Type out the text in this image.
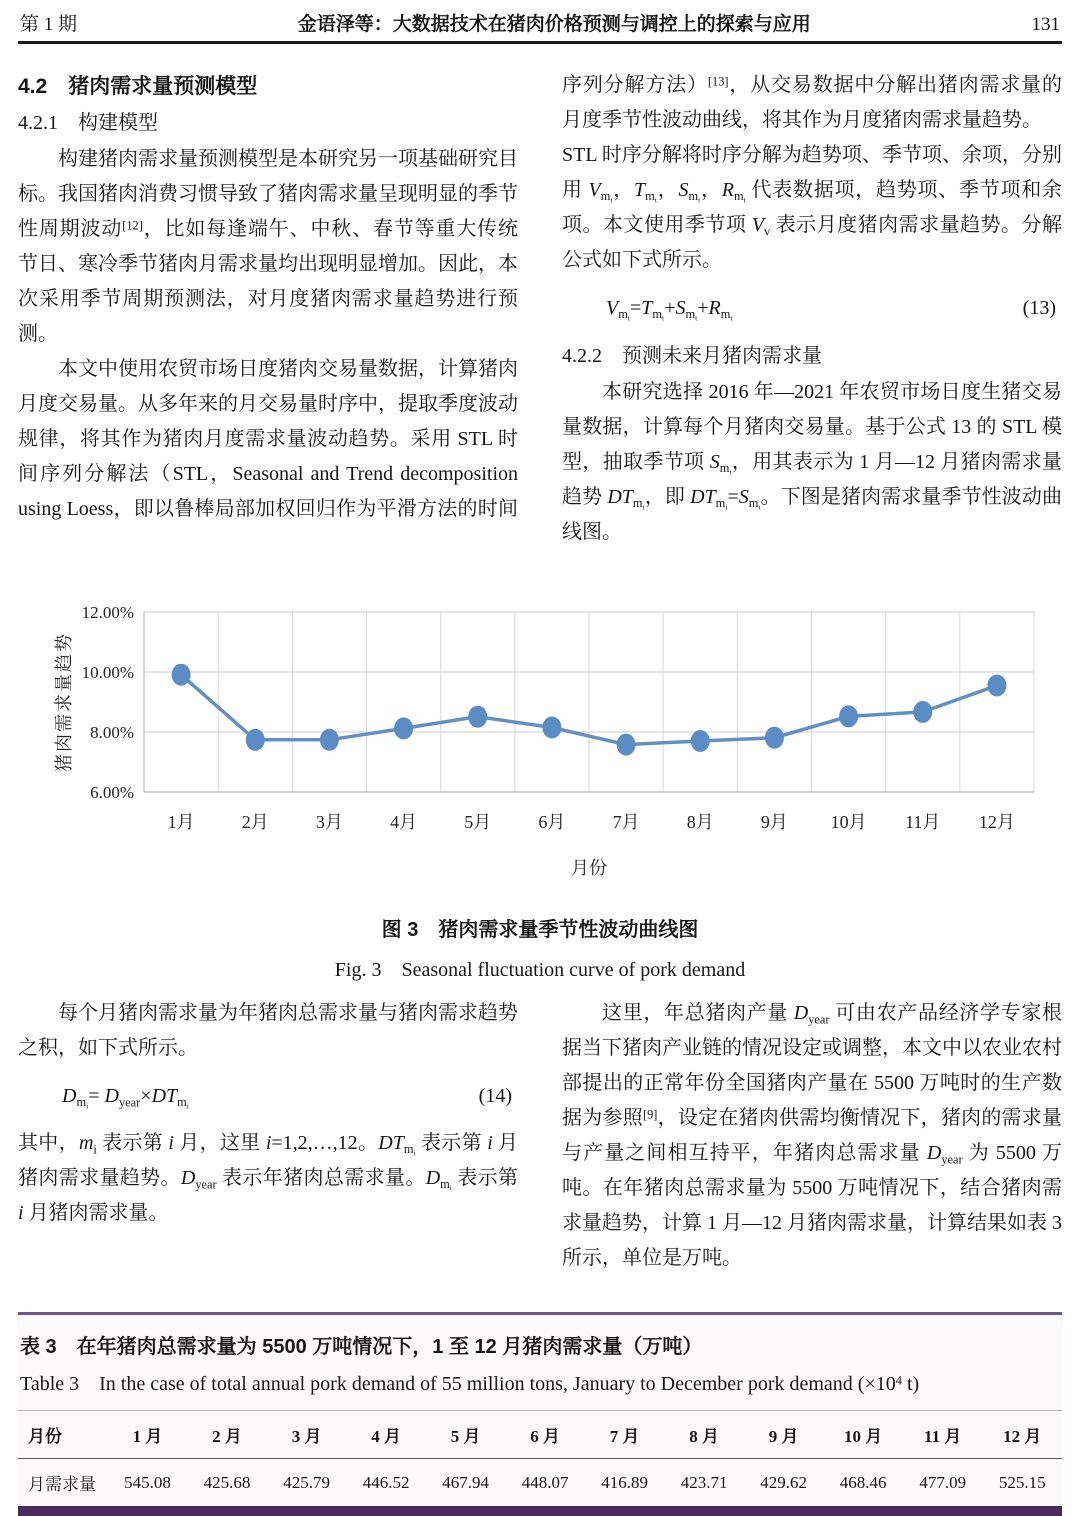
第 1 期	金语泽等：大数据技术在猪肉价格预测与调控上的探索与应用	131
4.2　猪肉需求量预测模型
4.2.1　构建模型

构建猪肉需求量预测模型是本研究另一项基础研究目标。我国猪肉消费习惯导致了猪肉需求量呈现明显的季节性周期波动[12]，比如每逢端午、中秋、春节等重大传统节日、寒冷季节猪肉月需求量均出现明显增加。因此，本次采用季节周期预测法，对月度猪肉需求量趋势进行预测。

本文中使用农贸市场日度猪肉交易量数据，计算猪肉月度交易量。从多年来的月交易量时序中，提取季度波动规律，将其作为猪肉月度需求量波动趋势。采用 STL 时间序列分解法（STL，Seasonal and Trend decomposition using Loess，即以鲁棒局部加权回归作为平滑方法的时间序列分解方法）[13]，从交易数据中分解出猪肉需求量的月度季节性波动曲线，将其作为月度猪肉需求量趋势。

STL 时序分解将时序分解为趋势项、季节项、余项，分别用 $V_{m_t}$，$T_{m_t}$，$S_{m_t}$，$R_{m_t}$ 代表数据项，趋势项、季节项和余项。本文使用季节项 $V_v$ 表示月度猪肉需求量趋势。分解公式如下式所示。

$V_{m_t}=T_{m_t}+S_{m_t}+R_{m_t}$	(13)
4.2.2　预测未来月猪肉需求量

本研究选择 2016 年—2021 年农贸市场日度生猪交易量数据，计算每个月猪肉交易量。基于公式 13 的 STL 模型，抽取季节项 $S_{m_t}$，用其表示为 1 月—12 月猪肉需求量趋势 $DT_{m_t}$，即 $DT_{m_i}=S_{m_t}$。下图是猪肉需求量季节性波动曲线图。

6.00%
8.00%
10.00%
12.00%
1月	2月	3月	4月	5月	6月	7月	8月	9月 10月 11月 12月
月份
猪肉需求量趋势
图 3　猪肉需求量季节性波动曲线图
Fig. 3　Seasonal fluctuation curve of pork demand

每个月猪肉需求量为年猪肉总需求量与猪肉需求趋势之积，如下式所示。

$D_{m_i}= D_{year}\times DT_{m_i}$	(14)

其中，$m_i$ 表示第 i 月，这里 i=1,2,…,12。$DT_{m_i}$ 表示第 i 月猪肉需求量趋势。$D_{year}$ 表示年猪肉总需求量。$D_{m_i}$ 表示第 i 月猪肉需求量。

这里，年总猪肉产量 $D_{year}$ 可由农产品经济学专家根据当下猪肉产业链的情况设定或调整，本文中以农业农村部提出的正常年份全国猪肉产量在 5500 万吨时的生产数据为参照[9]，设定在猪肉供需均衡情况下，猪肉的需求量与产量之间相互持平，年猪肉总需求量 $D_{year}$ 为 5500 万吨。在年猪肉总需求量为 5500 万吨情况下，结合猪肉需求量趋势，计算 1 月—12 月猪肉需求量，计算结果如表 3 所示，单位是万吨。

表 3　在年猪肉总需求量为 5500 万吨情况下，1 至 12 月猪肉需求量（万吨）
Table 3　In the case of total annual pork demand of 55 million tons, January to December pork demand ($\times 10^4$ t)
月份	1 月	2 月	3 月	4 月	5 月	6 月	7 月	8 月	9 月	10 月	11 月	12 月
月需求量	545.08	425.68	425.79	446.52	467.94	448.07	416.89	423.71	429.62	468.46	477.09	525.15
